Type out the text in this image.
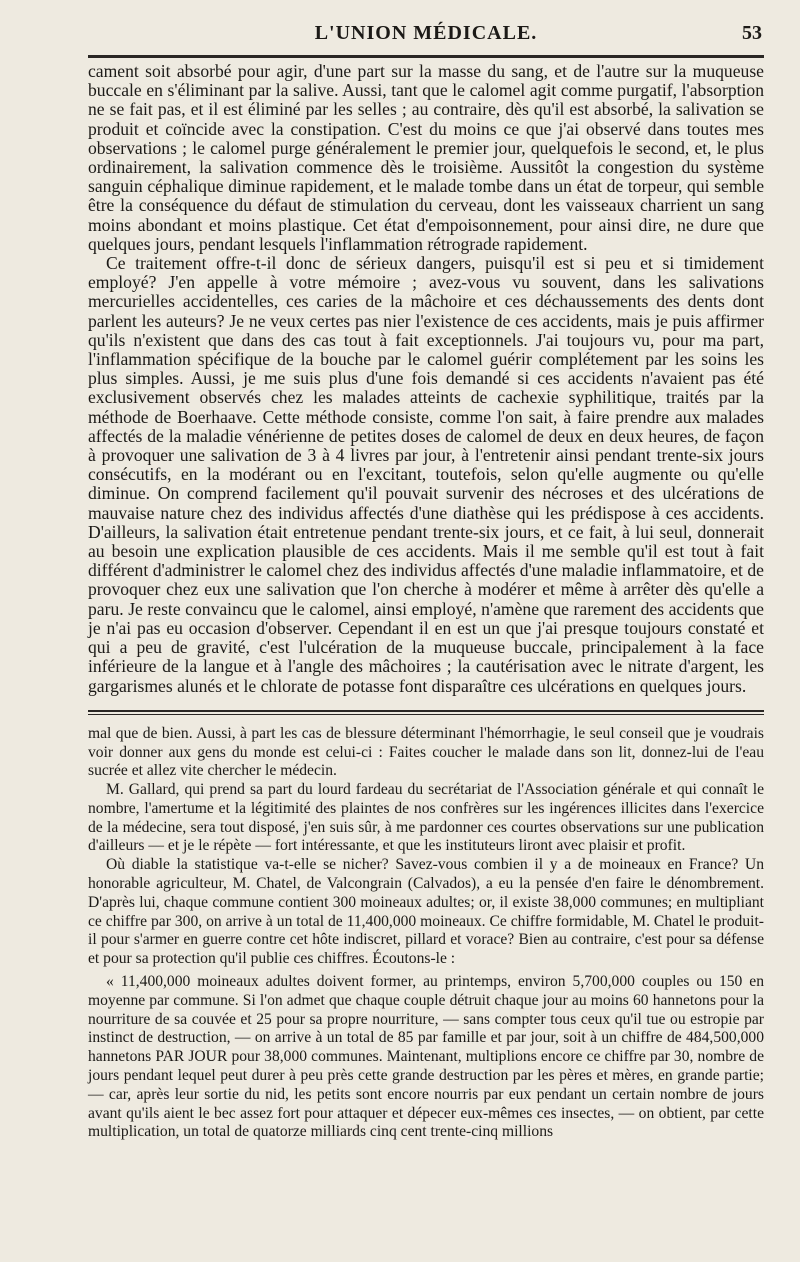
L'UNION MÉDICALE.	53

cament soit absorbé pour agir, d'une part sur la masse du sang, et de l'autre sur la muqueuse buccale en s'éliminant par la salive. Aussi, tant que le calomel agit comme purgatif, l'absorption ne se fait pas, et il est éliminé par les selles ; au contraire, dès qu'il est absorbé, la salivation se produit et coïncide avec la constipation. C'est du moins ce que j'ai observé dans toutes mes observations ; le calomel purge généralement le premier jour, quelquefois le second, et, le plus ordinairement, la salivation commence dès le troisième. Aussitôt la congestion du système sanguin céphalique diminue rapidement, et le malade tombe dans un état de torpeur, qui semble être la conséquence du défaut de stimulation du cerveau, dont les vaisseaux charrient un sang moins abondant et moins plastique. Cet état d'empoisonnement, pour ainsi dire, ne dure que quelques jours, pendant lesquels l'inflammation rétrograde rapidement.

Ce traitement offre-t-il donc de sérieux dangers, puisqu'il est si peu et si timidement employé? J'en appelle à votre mémoire ; avez-vous vu souvent, dans les salivations mercurielles accidentelles, ces caries de la mâchoire et ces déchaussements des dents dont parlent les auteurs? Je ne veux certes pas nier l'existence de ces accidents, mais je puis affirmer qu'ils n'existent que dans des cas tout à fait exceptionnels. J'ai toujours vu, pour ma part, l'inflammation spécifique de la bouche par le calomel guérir complétement par les soins les plus simples. Aussi, je me suis plus d'une fois demandé si ces accidents n'avaient pas été exclusivement observés chez les malades atteints de cachexie syphilitique, traités par la méthode de Boerhaave. Cette méthode consiste, comme l'on sait, à faire prendre aux malades affectés de la maladie vénérienne de petites doses de calomel de deux en deux heures, de façon à provoquer une salivation de 3 à 4 livres par jour, à l'entretenir ainsi pendant trente-six jours consécutifs, en la modérant ou en l'excitant, toutefois, selon qu'elle augmente ou qu'elle diminue. On comprend facilement qu'il pouvait survenir des nécroses et des ulcérations de mauvaise nature chez des individus affectés d'une diathèse qui les prédispose à ces accidents. D'ailleurs, la salivation était entretenue pendant trente-six jours, et ce fait, à lui seul, donnerait au besoin une explication plausible de ces accidents. Mais il me semble qu'il est tout à fait différent d'administrer le calomel chez des individus affectés d'une maladie inflammatoire, et de provoquer chez eux une salivation que l'on cherche à modérer et même à arrêter dès qu'elle a paru. Je reste convaincu que le calomel, ainsi employé, n'amène que rarement des accidents que je n'ai pas eu occasion d'observer. Cependant il en est un que j'ai presque toujours constaté et qui a peu de gravité, c'est l'ulcération de la muqueuse buccale, principalement à la face inférieure de la langue et à l'angle des mâchoires ; la cautérisation avec le nitrate d'argent, les gargarismes alunés et le chlorate de potasse font disparaître ces ulcérations en quelques jours.

mal que de bien. Aussi, à part les cas de blessure déterminant l'hémorrhagie, le seul conseil que je voudrais voir donner aux gens du monde est celui-ci : Faites coucher le malade dans son lit, donnez-lui de l'eau sucrée et allez vite chercher le médecin.

M. Gallard, qui prend sa part du lourd fardeau du secrétariat de l'Association générale et qui connaît le nombre, l'amertume et la légitimité des plaintes de nos confrères sur les ingérences illicites dans l'exercice de la médecine, sera tout disposé, j'en suis sûr, à me pardonner ces courtes observations sur une publication d'ailleurs — et je le répète — fort intéressante, et que les instituteurs liront avec plaisir et profit.

Où diable la statistique va-t-elle se nicher? Savez-vous combien il y a de moineaux en France? Un honorable agriculteur, M. Chatel, de Valcongrain (Calvados), a eu la pensée d'en faire le dénombrement. D'après lui, chaque commune contient 300 moineaux adultes; or, il existe 38,000 communes; en multipliant ce chiffre par 300, on arrive à un total de 11,400,000 moineaux. Ce chiffre formidable, M. Chatel le produit-il pour s'armer en guerre contre cet hôte indiscret, pillard et vorace? Bien au contraire, c'est pour sa défense et pour sa protection qu'il publie ces chiffres. Écoutons-le :

« 11,400,000 moineaux adultes doivent former, au printemps, environ 5,700,000 couples ou 150 en moyenne par commune. Si l'on admet que chaque couple détruit chaque jour au moins 60 hannetons pour la nourriture de sa couvée et 25 pour sa propre nourriture, — sans compter tous ceux qu'il tue ou estropie par instinct de destruction, — on arrive à un total de 85 par famille et par jour, soit à un chiffre de 484,500,000 hannetons PAR JOUR pour 38,000 communes. Maintenant, multiplions encore ce chiffre par 30, nombre de jours pendant lequel peut durer à peu près cette grande destruction par les pères et mères, en grande partie; — car, après leur sortie du nid, les petits sont encore nourris par eux pendant un certain nombre de jours avant qu'ils aient le bec assez fort pour attaquer et dépecer eux-mêmes ces insectes, — on obtient, par cette multiplication, un total de quatorze milliards cinq cent trente-cinq millions
